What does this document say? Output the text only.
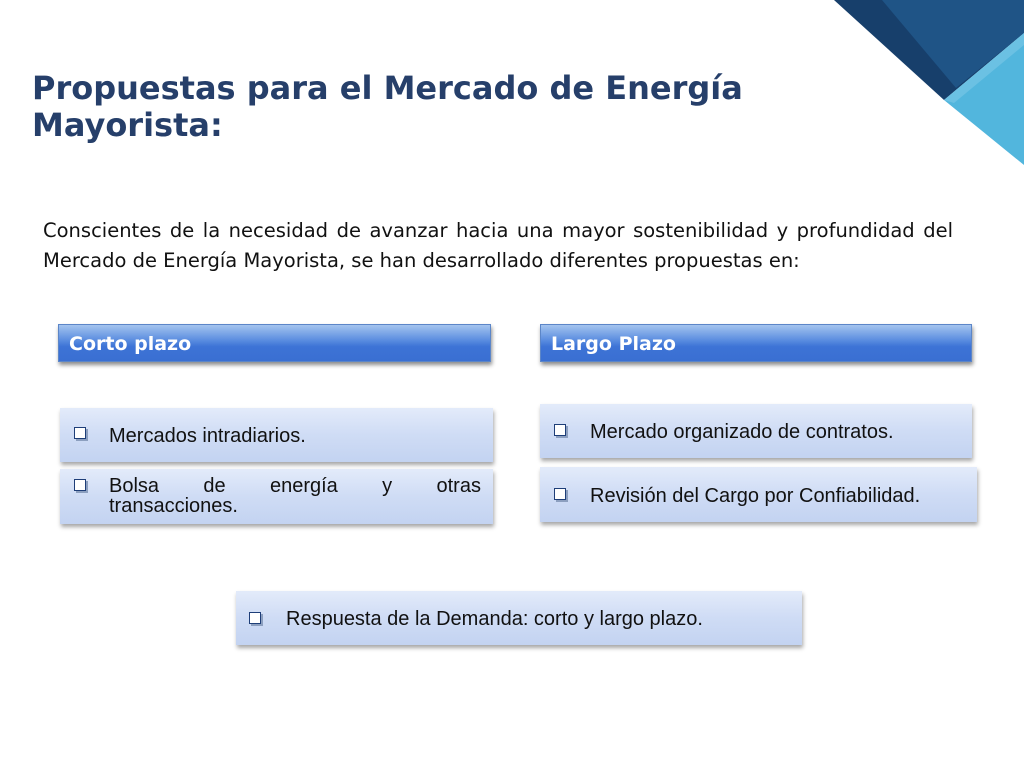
Propuestas para el Mercado de Energía
Mayorista:

Conscientes de la necesidad de avanzar hacia una mayor sostenibilidad y profundidad del Mercado de Energía Mayorista, se han desarrollado diferentes propuestas en:

Corto plazo	Largo Plazo
Mercados intradiarios.
Bolsa de energía y otras
transacciones.
Mercado organizado de contratos.
Revisión del Cargo por Confiabilidad.
Respuesta de la Demanda: corto y largo plazo.
